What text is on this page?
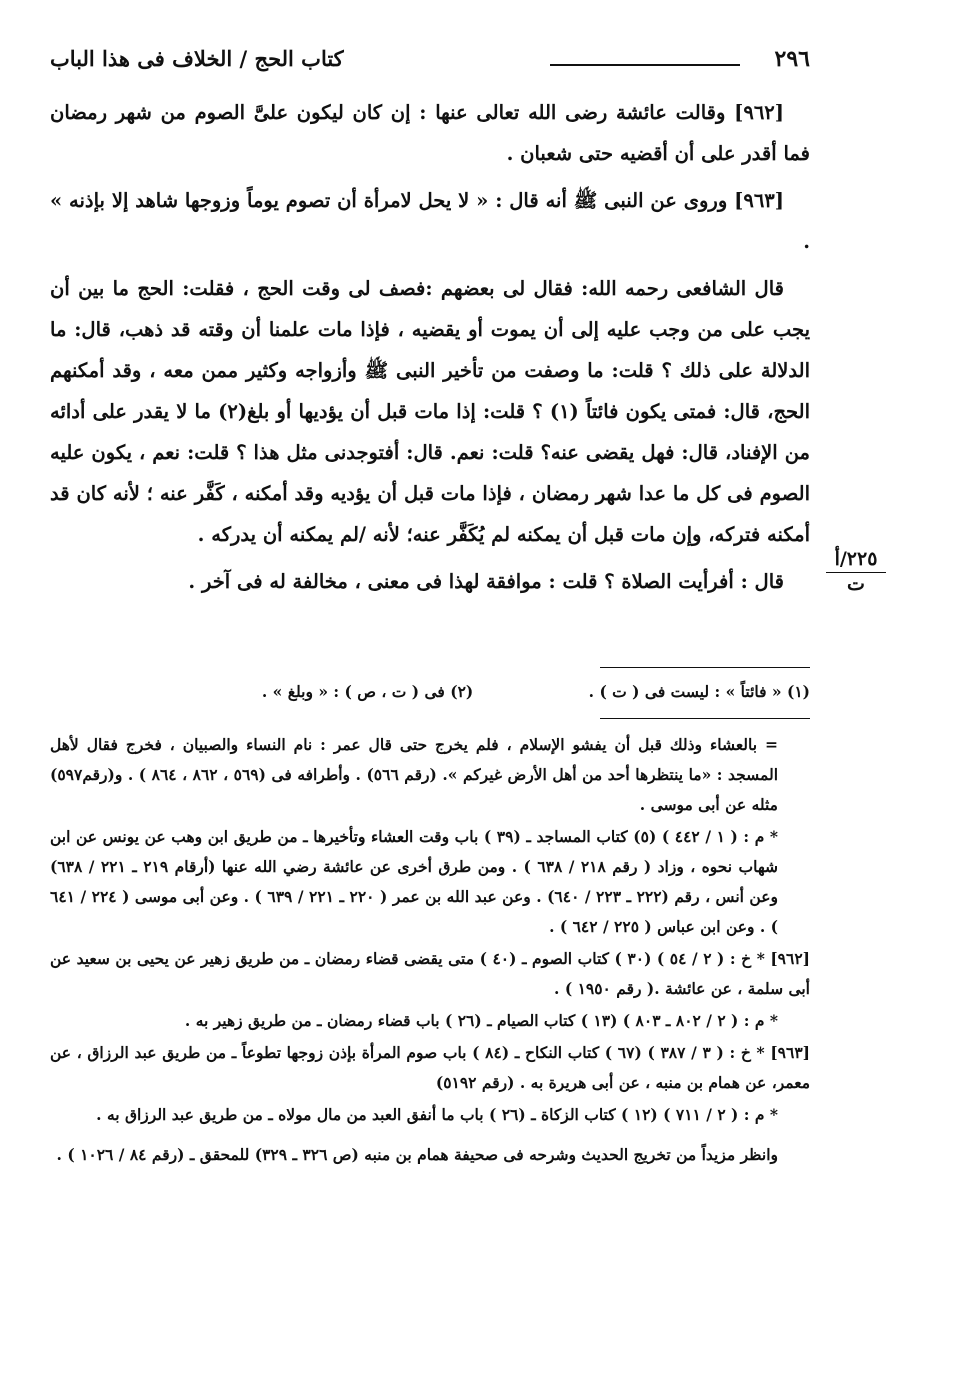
٢٩٦
كتاب الحج / الخلاف فى هذا الباب

[٩٦٢] وقالت عائشة رضى الله تعالى عنها : إن كان ليكون علىَّ الصوم من شهر رمضان فما أقدر على أن أقضيه حتى شعبان .

[٩٦٣] وروى عن النبى ﷺ أنه قال : « لا يحل لامرأة أن تصوم يوماً وزوجها شاهد إلا بإذنه » .

قال الشافعى رحمه الله: فقال لى بعضهم :فصف لى وقت الحج ، فقلت: الحج ما بين أن يجب على من وجب عليه إلى أن يموت أو يقضيه ، فإذا مات علمنا أن وقته قد ذهب، قال: ما الدلالة على ذلك ؟ قلت: ما وصفت من تأخير النبى ﷺ وأزواجه وكثير ممن معه ، وقد أمكنهم الحج، قال: فمتى يكون فائتاً (١) ؟ قلت: إذا مات قبل أن يؤديها أو بلغ(٢) ما لا يقدر على أدائه من الإفناد، قال: فهل يقضى عنه؟ قلت: نعم. قال: أفتوجدنى مثل هذا ؟ قلت: نعم ، يكون عليه الصوم فى كل ما عدا شهر رمضان ، فإذا مات قبل أن يؤديه وقد أمكنه ، كَفَّر عنه ؛ لأنه كان قد أمكنه فتركه، وإن مات قبل أن يمكنه لم يُكَفَّر عنه؛ لأنه /لم يمكنه أن يدركه .

قال : أفرأيت الصلاة ؟ قلت : موافقة لهذا فى معنى ، مخالفة له فى آخر .

٢٢٥/أ
ت
(١) « فائتاً » : ليست فى ( ت ) . (٢) فى ( ت ، ص ) : « وبلغ » .

= بالعشاء وذلك قبل أن يفشو الإسلام ، فلم يخرج حتى قال عمر : نام النساء والصبيان ، فخرج فقال لأهل المسجد : «ما ينتظرها أحد من أهل الأرض غيركم ». (رقم ٥٦٦) . وأطرافه فى (٥٦٩ ، ٨٦٢ ، ٨٦٤ ) . و(رقم٥٩٧) مثله عن أبى موسى .

* م : ( ١ / ٤٤٢ ) (٥) كتاب المساجد ـ (٣٩ ) باب وقت العشاء وتأخيرها ـ من طريق ابن وهب عن يونس عن ابن شهاب نحوه ، وزاد ( رقم ٢١٨ / ٦٣٨ ) . ومن طرق أخرى عن عائشة رضي الله عنها (أرقام ٢١٩ ـ ٢٢١ / ٦٣٨) وعن أنس ، رقم (٢٢٢ ـ ٢٢٣ / ٦٤٠) . وعن عبد الله بن عمر ( ٢٢٠ ـ ٢٢١ / ٦٣٩ ) . وعن أبى موسى ( ٢٢٤ / ٦٤١ ) . وعن ابن عباس ( ٢٢٥ / ٦٤٢ ) .

[٩٦٢] * خ : ( ٢ / ٥٤ ) (٣٠ ) كتاب الصوم ـ (٤٠ ) متى يقضى قضاء رمضان ـ من طريق زهير عن يحيى بن سعيد عن أبى سلمة ، عن عائشة .( رقم ١٩٥٠ ) .

* م : ( ٢ / ٨٠٢ ـ ٨٠٣ ) (١٣ ) كتاب الصيام ـ (٢٦ ) باب قضاء رمضان ـ من طريق زهير به .

[٩٦٣] * خ : ( ٣ / ٣٨٧ ) (٦٧ ) كتاب النكاح ـ (٨٤ ) باب صوم المرأة بإذن زوجها تطوعاً ـ من طريق عبد الرزاق ، عن معمر، عن همام بن منبه ، عن أبى هريرة به . (رقم ٥١٩٢)

* م : ( ٢ / ٧١١ ) (١٢ ) كتاب الزكاة ـ (٢٦ ) باب ما أنفق العبد من مال مولاه ـ من طريق عبد الرزاق به .

وانظر مزيداً من تخريج الحديث وشرحه فى صحيفة همام بن منبه (ص ٣٢٦ ـ ٣٢٩) للمحقق ـ (رقم ٨٤ / ١٠٢٦ ) .
